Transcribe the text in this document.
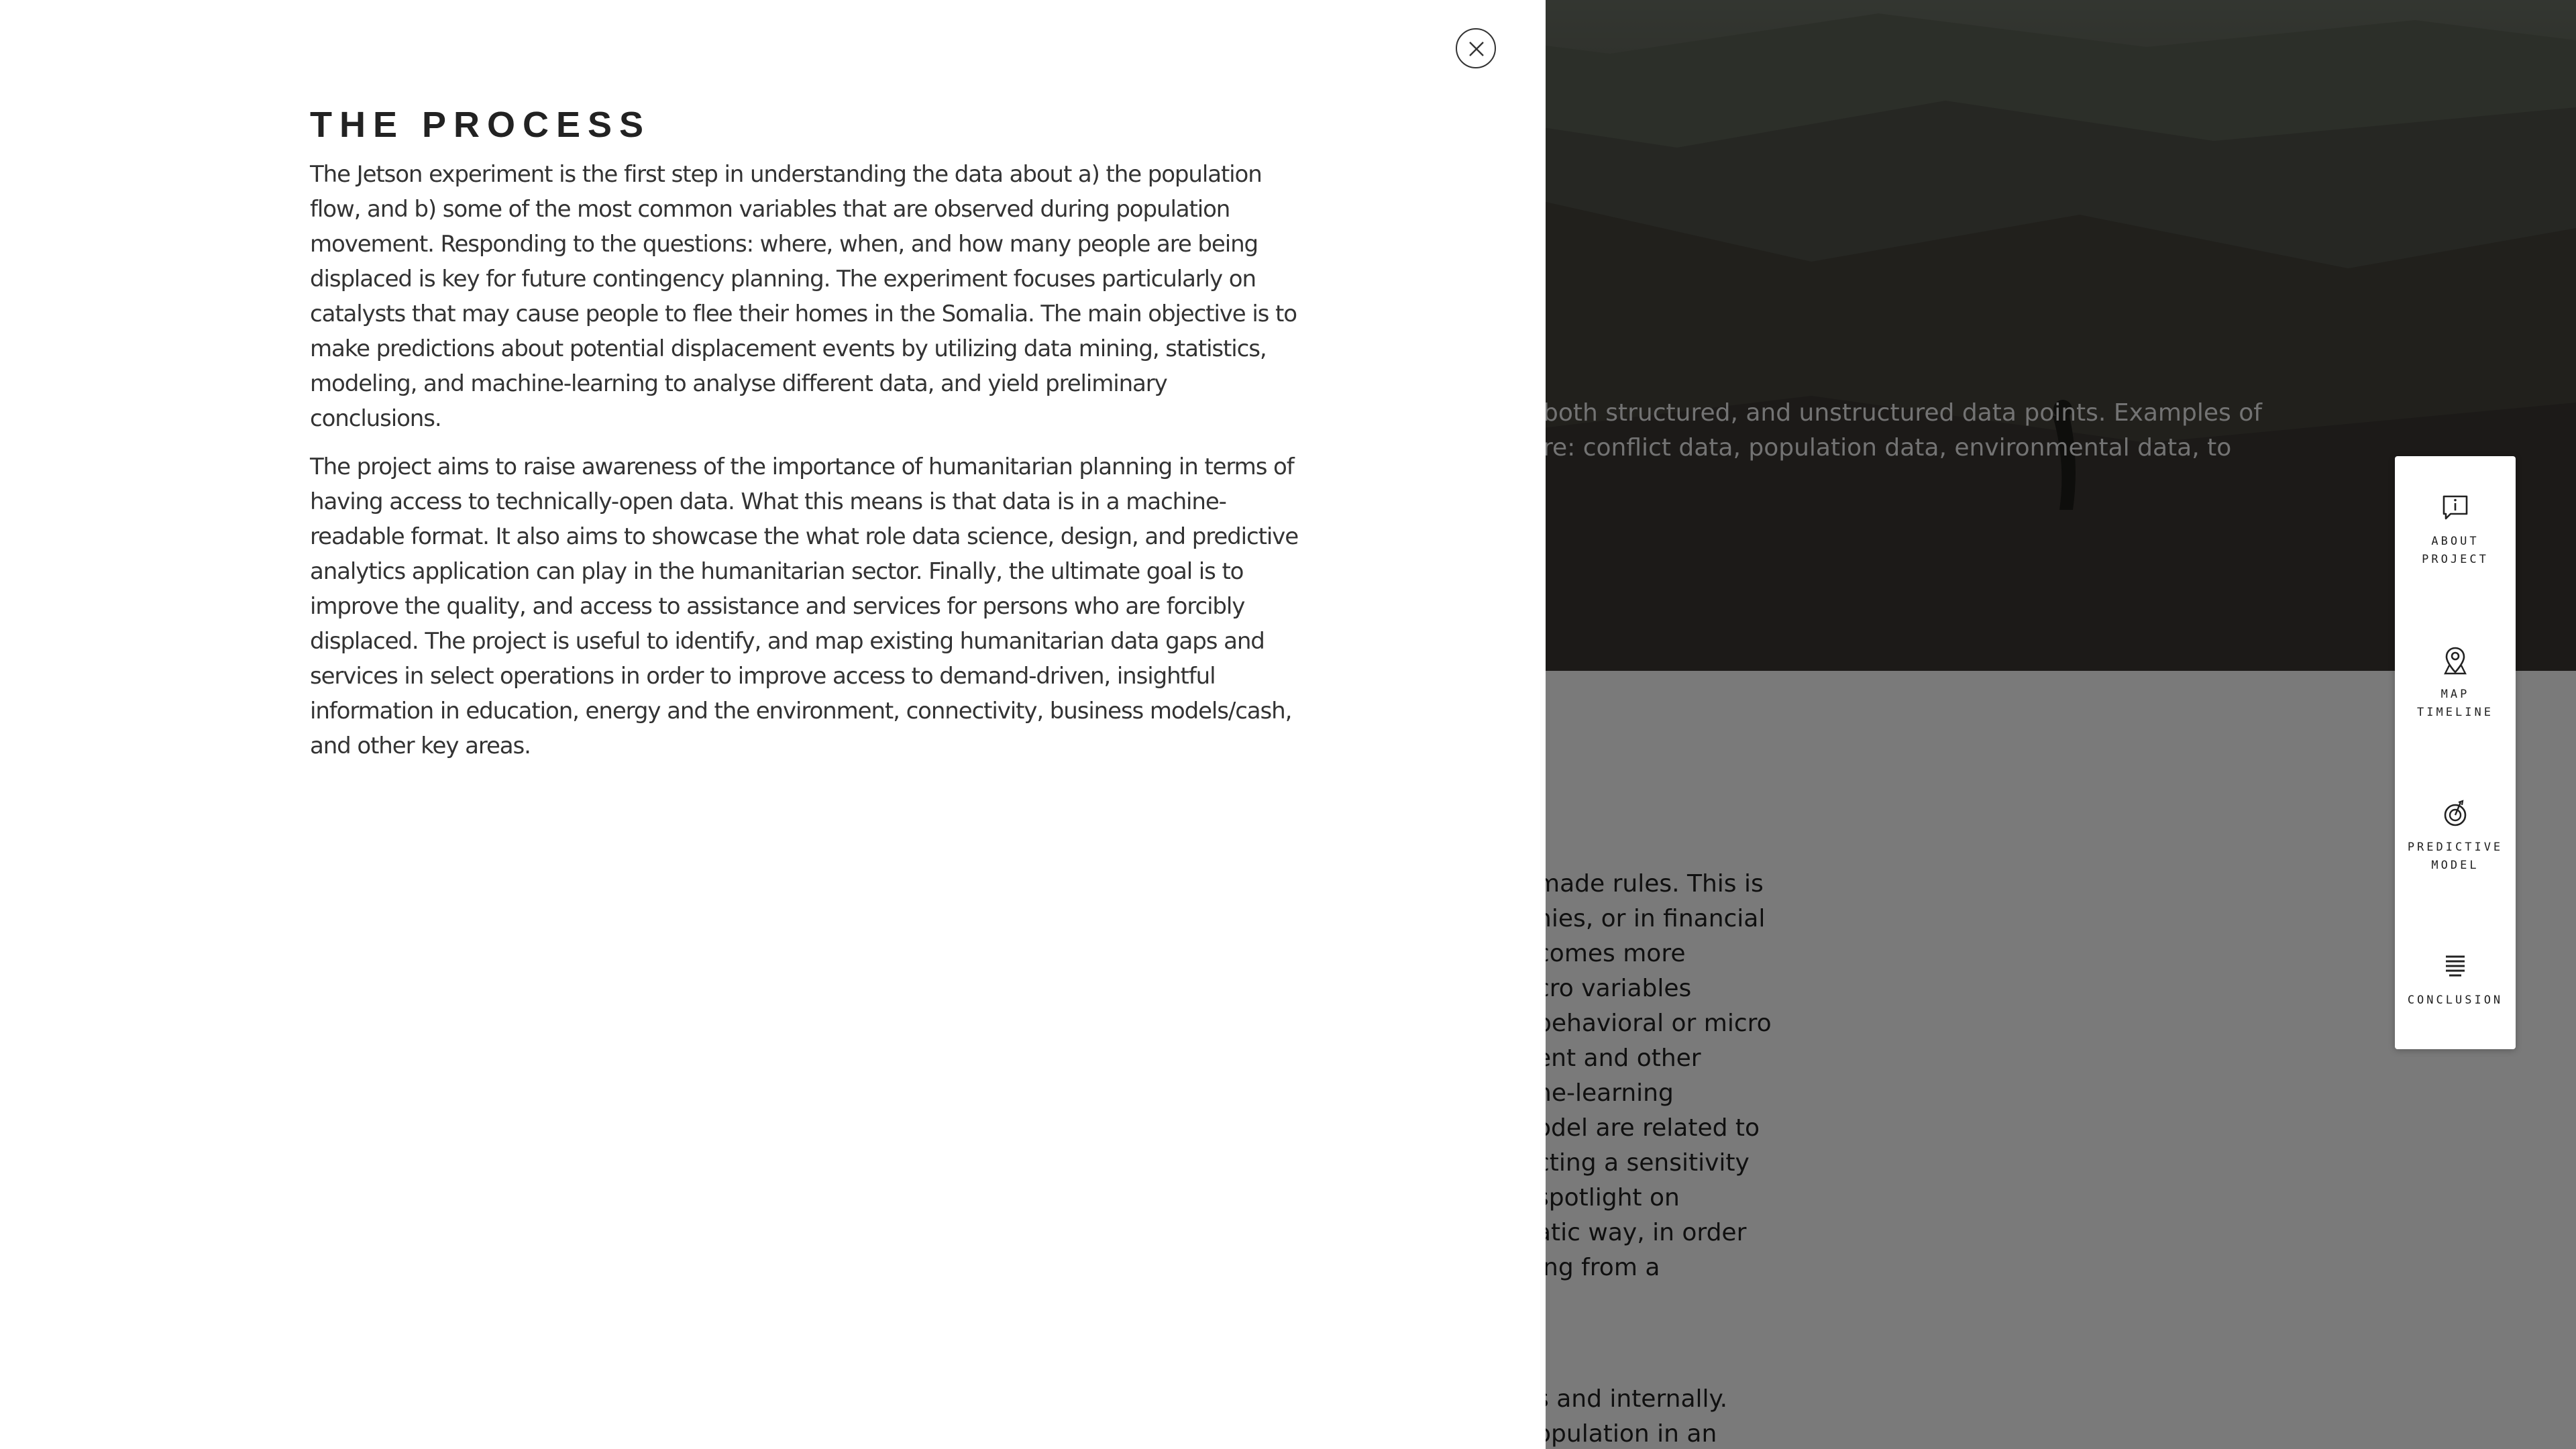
ABOUT
PROJECT
MAP
TIMELINE
PREDICTIVE
MODEL
CONCLUSION
THE PROCESS
The Jetson experiment is the first step in understanding the data about a) the population
flow, and b) some of the most common variables that are observed during population
movement. Responding to the questions: where, when, and how many people are being
displaced is key for future contingency planning. The experiment focuses particularly on
catalysts that may cause people to flee their homes in the Somalia. The main objective is to
make predictions about potential displacement events by utilizing data mining, statistics,
modeling, and machine-learning to analyse different data, and yield preliminary
conclusions.
The project aims to raise awareness of the importance of humanitarian planning in terms of
having access to technically-open data. What this means is that data is in a machine-
readable format. It also aims to showcase the what role data science, design, and predictive
analytics application can play in the humanitarian sector. Finally, the ultimate goal is to
improve the quality, and access to assistance and services for persons who are forcibly
displaced. The project is useful to identify, and map existing humanitarian data gaps and
services in select operations in order to improve access to demand-driven, insightful
information in education, energy and the environment, connectivity, business models/cash,
and other key areas.
